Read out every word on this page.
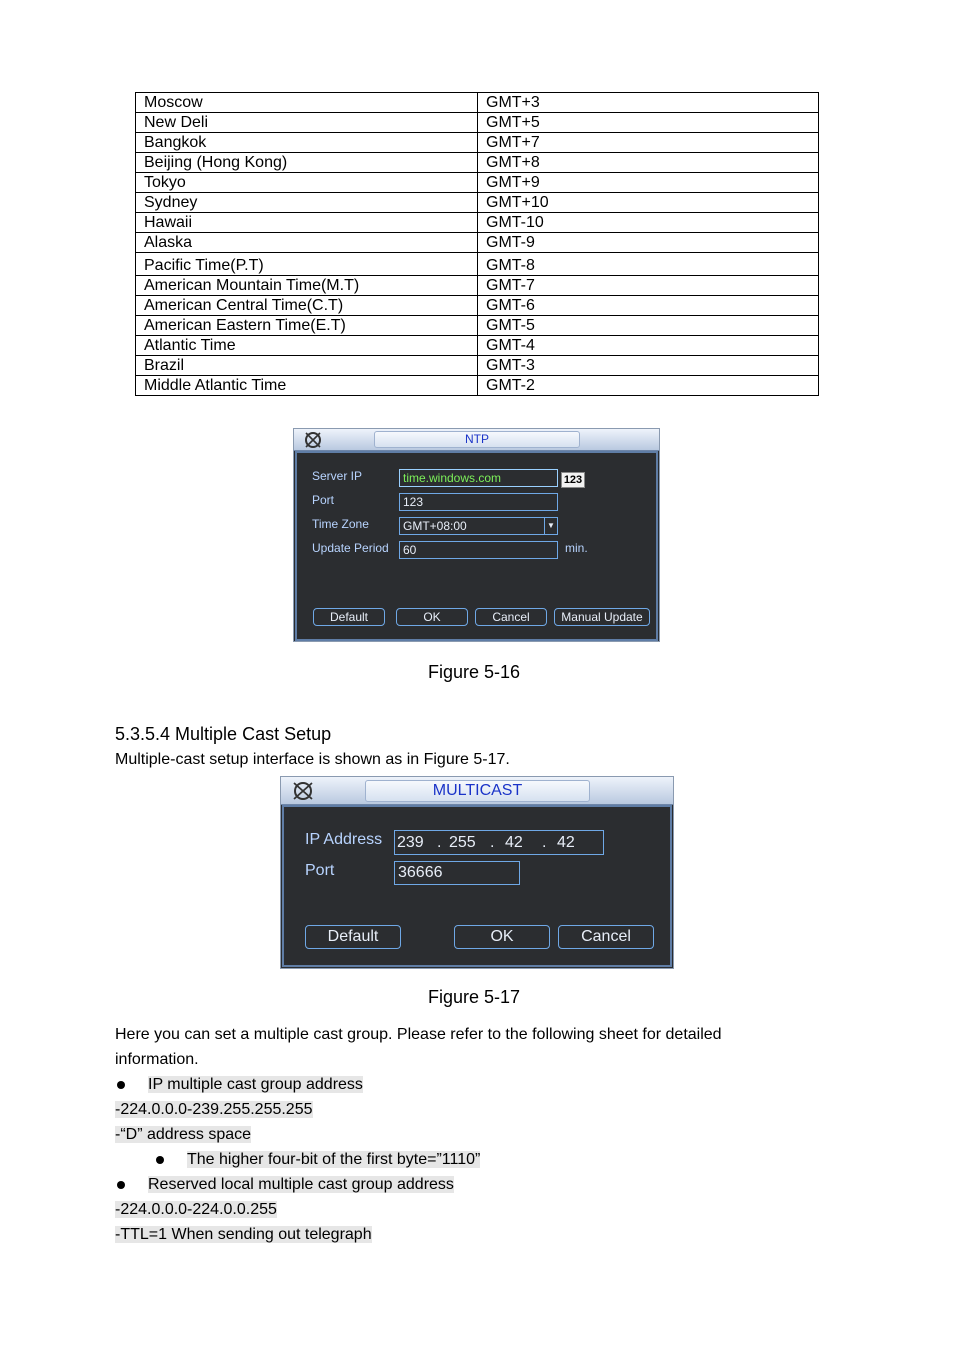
Moscow	GMT+3
New Deli	GMT+5
Bangkok	GMT+7
Beijing (Hong Kong)	GMT+8
Tokyo	GMT+9
Sydney	GMT+10
Hawaii	GMT-10
Alaska	GMT-9
Pacific Time(P.T)	GMT-8
American Mountain Time(M.T)	GMT-7
American Central Time(C.T)	GMT-6
American Eastern Time(E.T)	GMT-5
Atlantic Time	GMT-4
Brazil	GMT-3
Middle Atlantic Time	GMT-2
NTP
Server IP	time.windows.com	123
Port	123
Time Zone	GMT+08:00	▼
Update Period	60	min.
Default	OK	Cancel	Manual Update
Figure 5-16
5.3.5.4 Multiple Cast Setup
Multiple-cast setup interface is shown as in Figure 5-17.
MULTICAST
IP Address 239 . 255 . 42 . 42
Port	36666
Default	OK	Cancel
Figure 5-17
Here you can set a multiple cast group. Please refer to the following sheet for detailed
information.
IP multiple cast group address
-224.0.0.0-239.255.255.255
-“D” address space
The higher four-bit of the first byte=”1110”
Reserved local multiple cast group address
-224.0.0.0-224.0.0.255
-TTL=1 When sending out telegraph
